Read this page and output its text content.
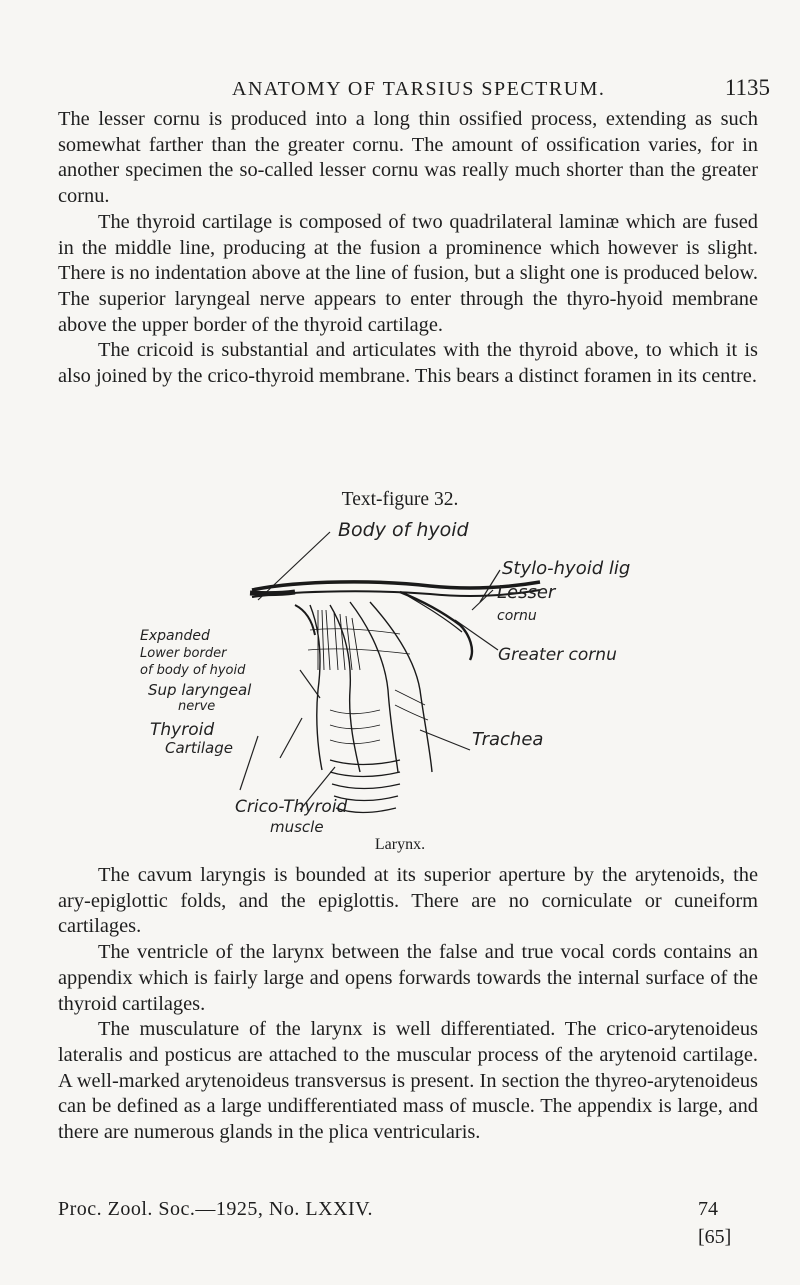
ANATOMY OF TARSIUS SPECTRUM.	1135

The lesser cornu is produced into a long thin ossified process, extending as such somewhat farther than the greater cornu. The amount of ossification varies, for in another specimen the so-called lesser cornu was really much shorter than the greater cornu.

The thyroid cartilage is composed of two quadrilateral laminæ which are fused in the middle line, producing at the fusion a prominence which however is slight. There is no indentation above at the line of fusion, but a slight one is produced below. The superior laryngeal nerve appears to enter through the thyro-hyoid membrane above the upper border of the thyroid cartilage.

The cricoid is substantial and articulates with the thyroid above, to which it is also joined by the crico-thyroid membrane. This bears a distinct foramen in its centre.

Text-figure 32.
Body of hyoid
Stylo-hyoid lig
Lesser
cornu
Greater cornu
Expanded
Lower border
of body of hyoid
Sup laryngeal
nerve
Thyroid
Cartilage	Trachea
Crico-Thyroid
muscle
Larynx.

The cavum laryngis is bounded at its superior aperture by the arytenoids, the ary-epiglottic folds, and the epiglottis. There are no corniculate or cuneiform cartilages.

The ventricle of the larynx between the false and true vocal cords contains an appendix which is fairly large and opens forwards towards the internal surface of the thyroid cartilages.

The musculature of the larynx is well differentiated. The crico-arytenoideus lateralis and posticus are attached to the muscular process of the arytenoid cartilage. A well-marked arytenoideus transversus is present. In section the thyreo-arytenoideus can be defined as a large undifferentiated mass of muscle. The appendix is large, and there are numerous glands in the plica ventricularis.

Proc. Zool. Soc.—1925, No. LXXIV.	74
[65]
